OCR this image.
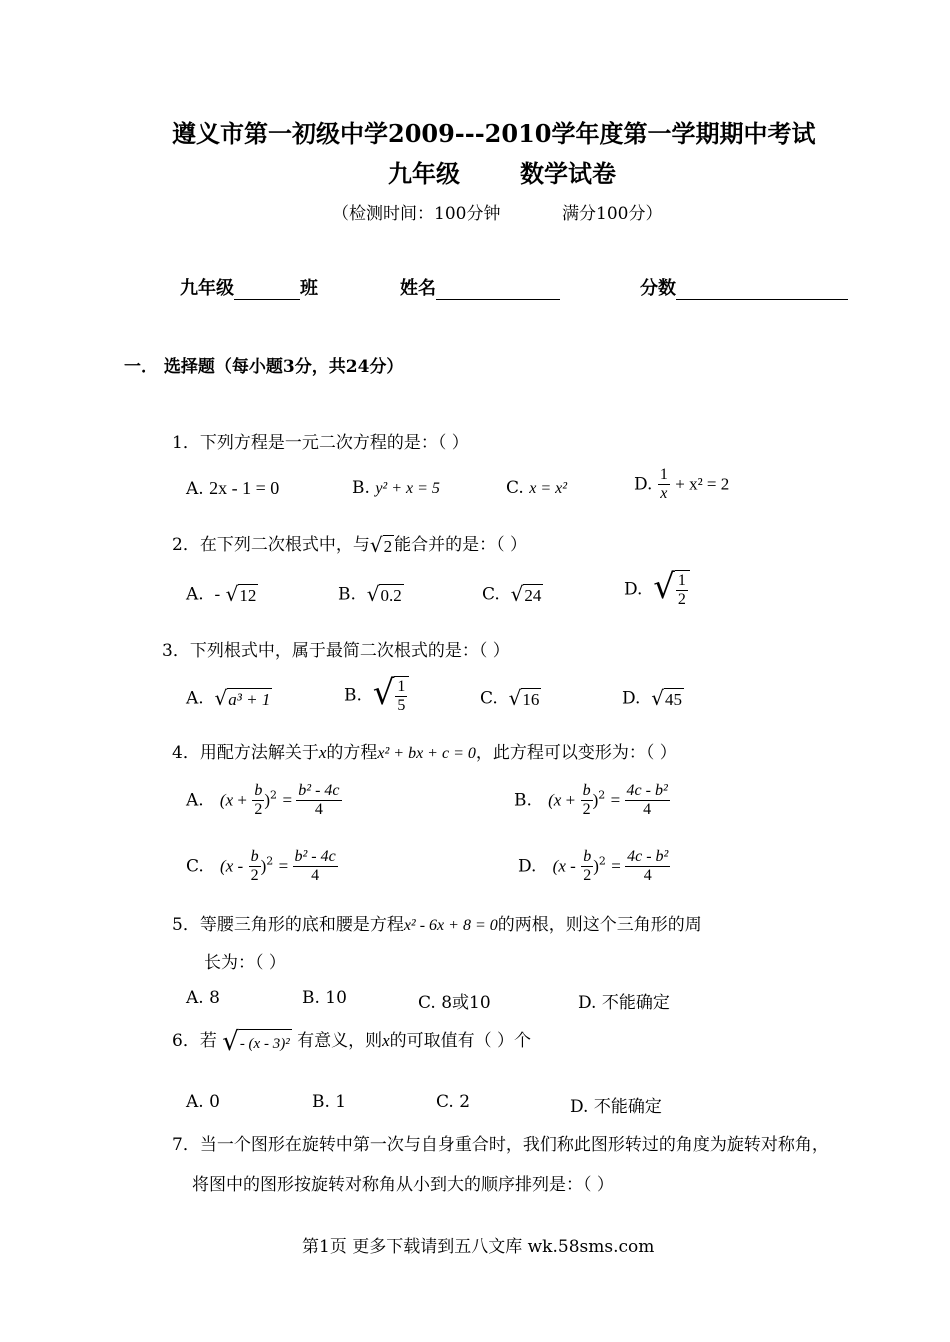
遵义市第一初级中学2009---2010学年度第一学期期中考试
九年级	数学试卷
（检测时间：100分钟	满分100分）
九年级	班	姓名	分数
一． 选择题（每小题3分，共24分）
1．下列方程是一元二次方程的是：（ ）
A. 2x - 1 = 0	B. y² + x = 5	C. x = x²	D. $\frac{1}{x} + x^2 = 2$
2．在下列二次根式中，与 √ 2 能合并的是：（ ）
A. - √ 12	B. √ 0.2	C. √ 24	D. √ $\frac{1}{2}$
3．下列根式中，属于最简二次根式的是：（ ）
A. √ a³ + 1	B. √ $\frac{1}{5}$	C. √ 16	D. √ 45
4．用配方法解关于x的方程x² + bx + c = 0，此方程可以变形为：（ ）
A. $(x + \frac{b}{2} )^2 = \frac{\text{b² - 4c}}{4}$	B. $(x + \frac{b}{2} )^2 = \frac{\text{4c - b²}}{4}$
C. $(x - \frac{b}{2} )^2 = \frac{\text{b² - 4c}}{4}$	D. $(x - \frac{b}{2} )^2 = \frac{\text{4c - b²}}{4}$
5．等腰三角形的底和腰是方程x² - 6x + 8 = 0的两根，则这个三角形的周
长为：（ ）
A. 8	B. 10	C. 8或10	D. 不能确定
6．若 √ - (x - 3)² 有意义，则x的可取值有（ ）个
A. 0	B. 1	C. 2	D. 不能确定
7．当一个图形在旋转中第一次与自身重合时，我们称此图形转过的角度为旋转对称角，
将图中的图形按旋转对称角从小到大的顺序排列是：（ ）
第1页 更多下载请到五八文库 wk.58sms.com
